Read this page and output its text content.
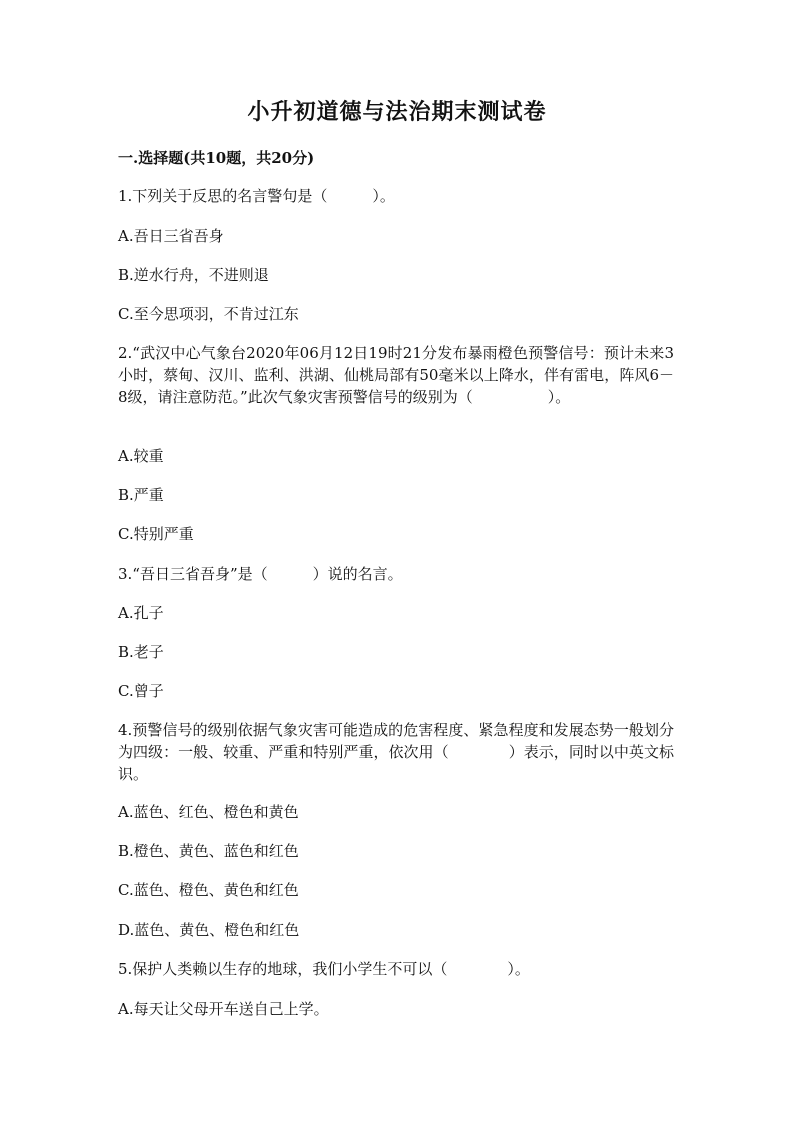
小升初道德与法治期末测试卷
一.选择题(共10题，共20分)
1.下列关于反思的名言警句是（　　　）。
A.吾日三省吾身
B.逆水行舟，不进则退
C.至今思项羽，不肯过江东
2.“武汉中心气象台2020年06月12日19时21分发布暴雨橙色预警信号：预计未来3小时，蔡甸、汉川、监利、洪湖、仙桃局部有50毫米以上降水，伴有雷电，阵风6－8级，请注意防范。”此次气象灾害预警信号的级别为（　　　　　）。
A.较重
B.严重
C.特别严重
3.“吾日三省吾身”是（　　　）说的名言。
A.孔子
B.老子
C.曾子
4.预警信号的级别依据气象灾害可能造成的危害程度、紧急程度和发展态势一般划分为四级：一般、较重、严重和特别严重，依次用（　　　　）表示，同时以中英文标识。
A.蓝色、红色、橙色和黄色
B.橙色、黄色、蓝色和红色
C.蓝色、橙色、黄色和红色
D.蓝色、黄色、橙色和红色
5.保护人类赖以生存的地球，我们小学生不可以（　　　　）。
A.每天让父母开车送自己上学。
